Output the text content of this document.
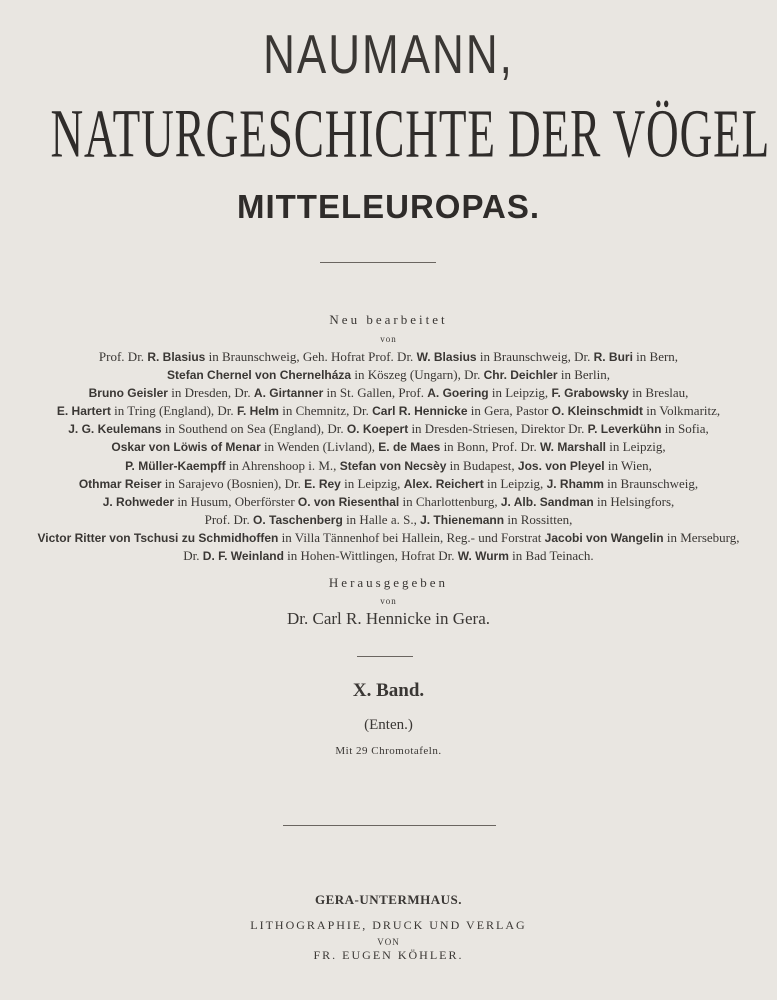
NAUMANN,
NATURGESCHICHTE DER VÖGEL
MITTELEUROPAS.
Neu bearbeitet
von
Prof. Dr. R. Blasius in Braunschweig, Geh. Hofrat Prof. Dr. W. Blasius in Braunschweig, Dr. R. Buri in Bern,
Stefan Chernel von Chernelháza in Köszeg (Ungarn), Dr. Chr. Deichler in Berlin,
Bruno Geisler in Dresden, Dr. A. Girtanner in St. Gallen, Prof. A. Goering in Leipzig, F. Grabowsky in Breslau,
E. Hartert in Tring (England), Dr. F. Helm in Chemnitz, Dr. Carl R. Hennicke in Gera, Pastor O. Kleinschmidt in Volkmaritz,
J. G. Keulemans in Southend on Sea (England), Dr. O. Koepert in Dresden-Striesen, Direktor Dr. P. Leverkühn in Sofia,
Oskar von Löwis of Menar in Wenden (Livland), E. de Maes in Bonn, Prof. Dr. W. Marshall in Leipzig,
P. Müller-Kaempff in Ahrenshoop i. M., Stefan von Necsèy in Budapest, Jos. von Pleyel in Wien,
Othmar Reiser in Sarajevo (Bosnien), Dr. E. Rey in Leipzig, Alex. Reichert in Leipzig, J. Rhamm in Braunschweig,
J. Rohweder in Husum, Oberförster O. von Riesenthal in Charlottenburg, J. Alb. Sandman in Helsingfors,
Prof. Dr. O. Taschenberg in Halle a. S., J. Thienemann in Rossitten,
Victor Ritter von Tschusi zu Schmidhoffen in Villa Tännenhof bei Hallein, Reg.- und Forstrat Jacobi von Wangelin in Merseburg,
Dr. D. F. Weinland in Hohen-Wittlingen, Hofrat Dr. W. Wurm in Bad Teinach.
Herausgegeben
von
Dr. Carl R. Hennicke in Gera.
X. Band.
(Enten.)
Mit 29 Chromotafeln.
GERA-UNTERMHAUS.
LITHOGRAPHIE, DRUCK UND VERLAG
VON
FR. EUGEN KÖHLER.
